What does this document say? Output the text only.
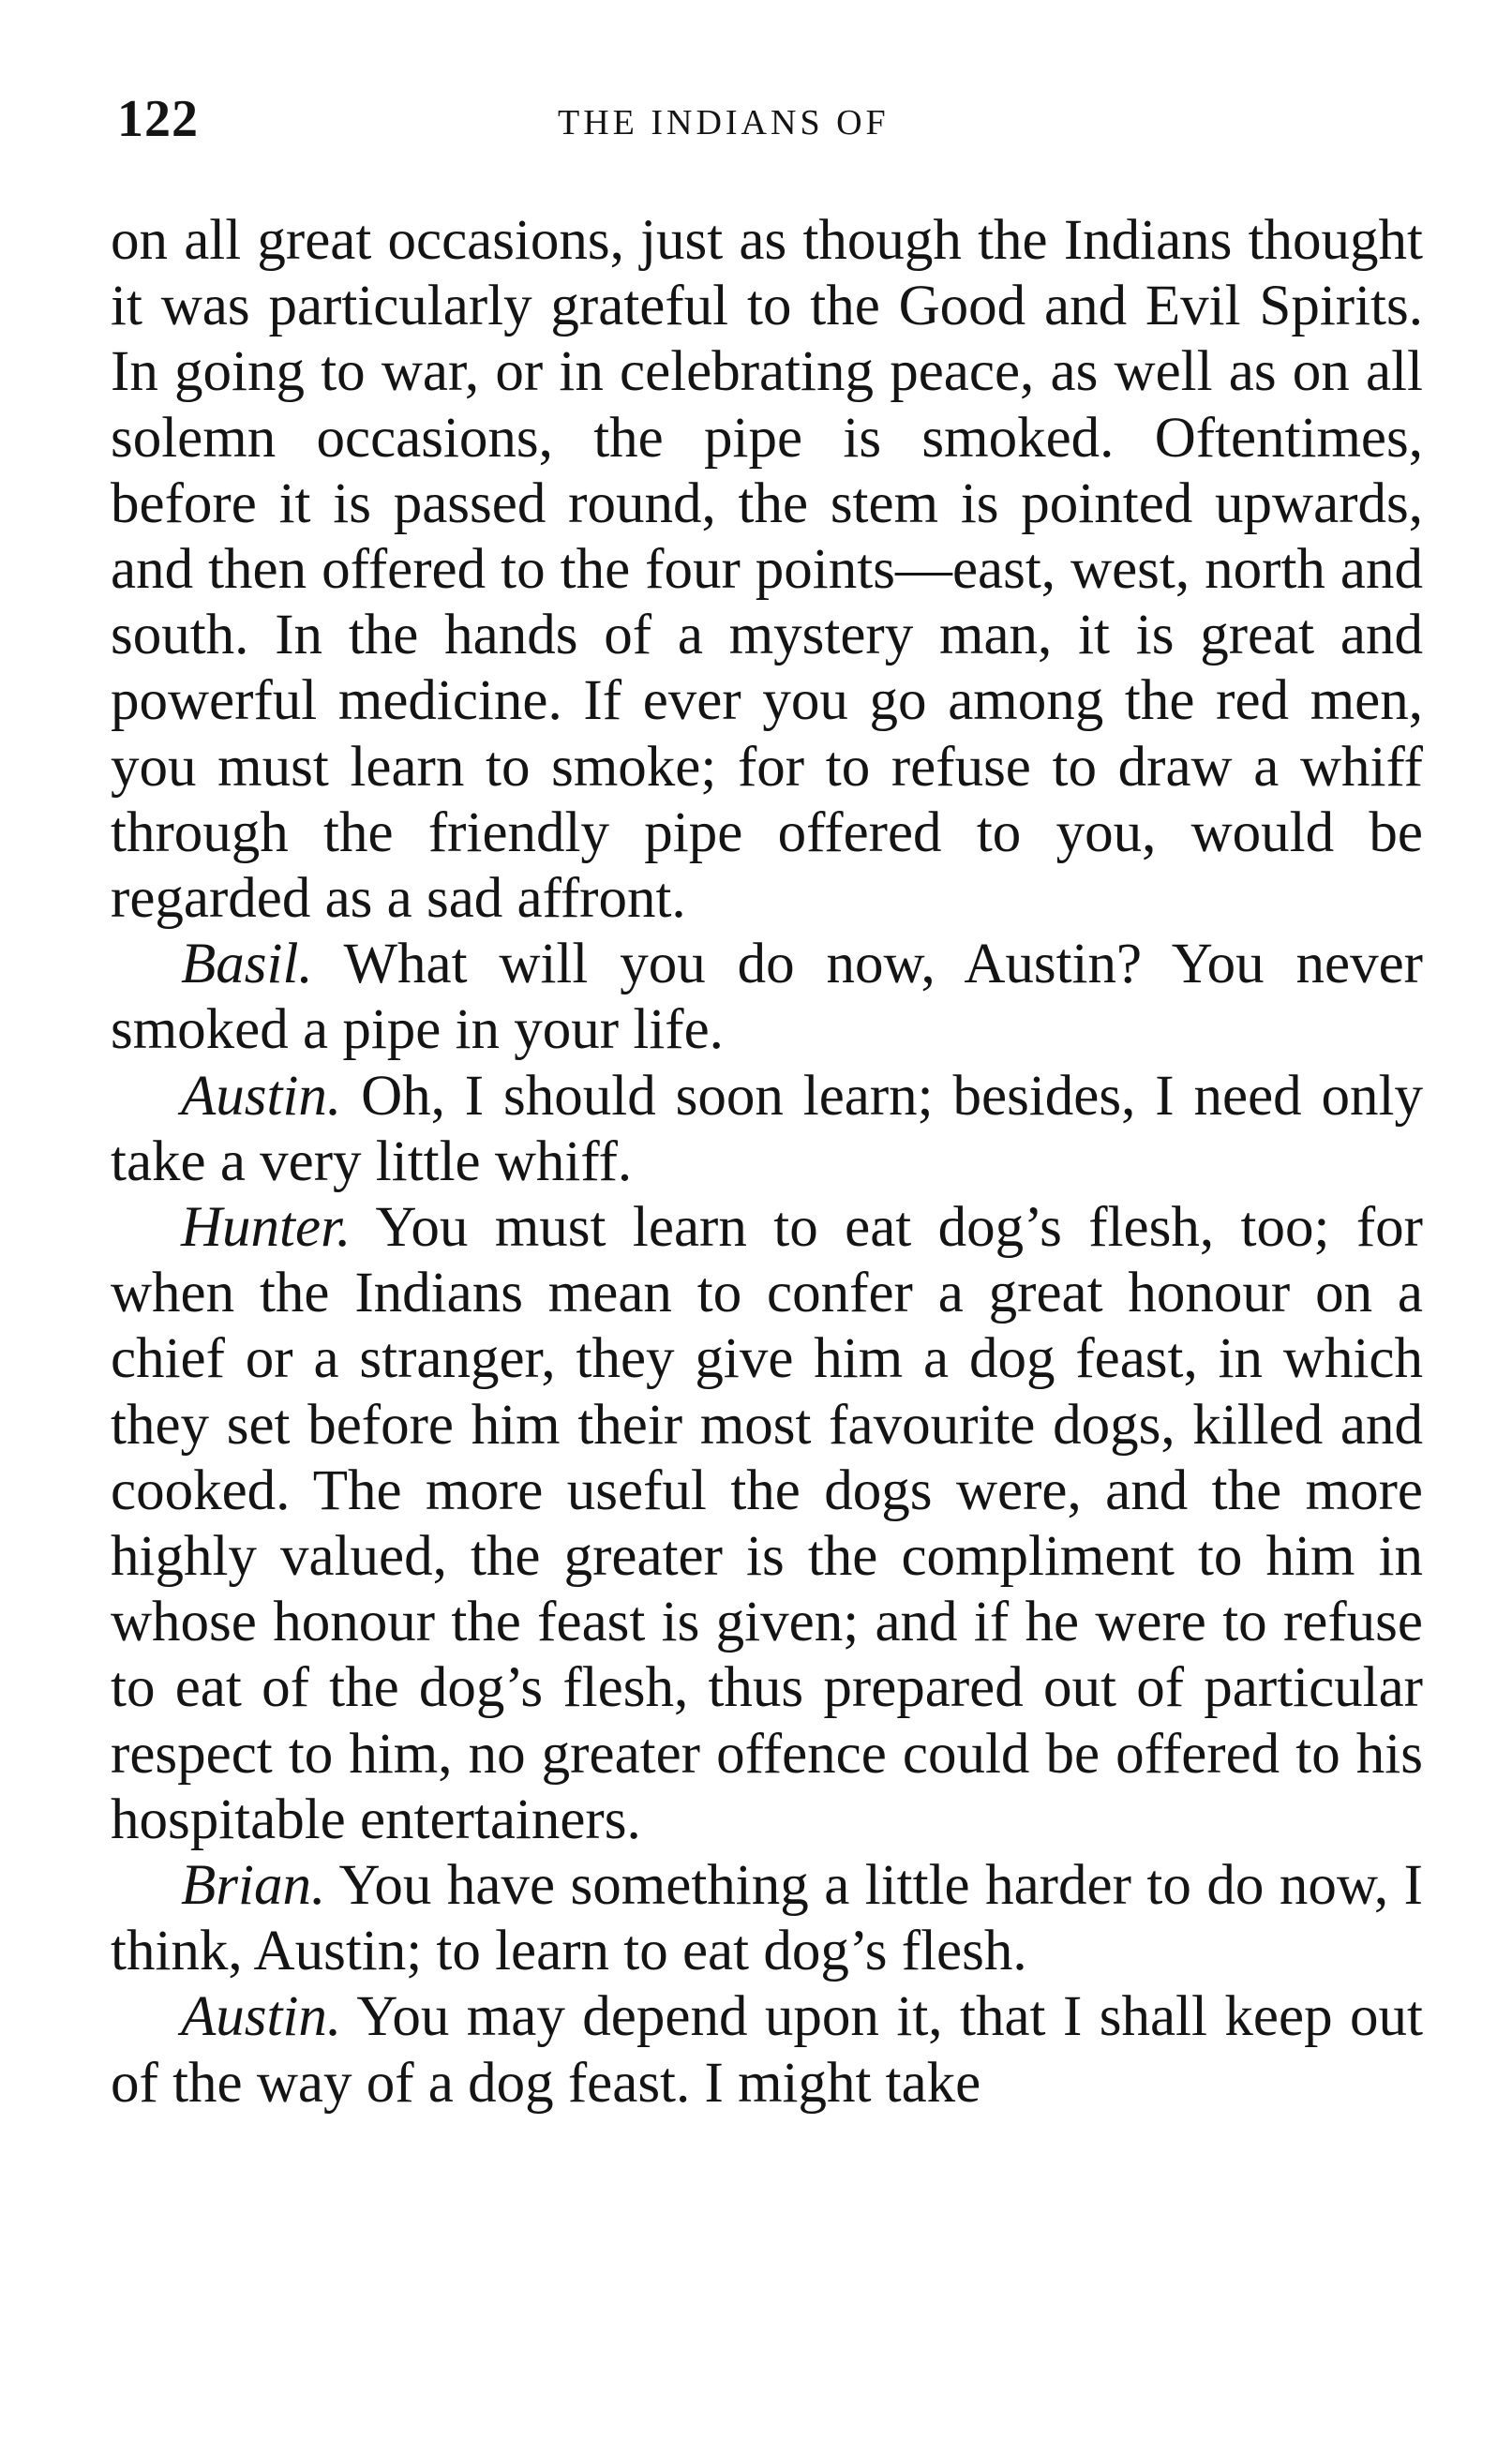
122	THE INDIANS OF

on all great occasions, just as though the Indians thought it was particularly grateful to the Good and Evil Spirits. In going to war, or in celebrating peace, as well as on all solemn occasions, the pipe is smoked. Oftentimes, before it is passed round, the stem is pointed upwards, and then offered to the four points—east, west, north and south. In the hands of a mystery man, it is great and powerful medicine. If ever you go among the red men, you must learn to smoke; for to refuse to draw a whiff through the friendly pipe offered to you, would be regarded as a sad affront.

Basil. What will you do now, Austin? You never smoked a pipe in your life.

Austin. Oh, I should soon learn; besides, I need only take a very little whiff.

Hunter. You must learn to eat dog’s flesh, too; for when the Indians mean to confer a great honour on a chief or a stranger, they give him a dog feast, in which they set before him their most favourite dogs, killed and cooked. The more useful the dogs were, and the more highly valued, the greater is the compliment to him in whose honour the feast is given; and if he were to refuse to eat of the dog’s flesh, thus prepared out of particular respect to him, no greater offence could be offered to his hospitable entertainers.

Brian. You have something a little harder to do now, I think, Austin; to learn to eat dog’s flesh.

Austin. You may depend upon it, that I shall keep out of the way of a dog feast. I might take
